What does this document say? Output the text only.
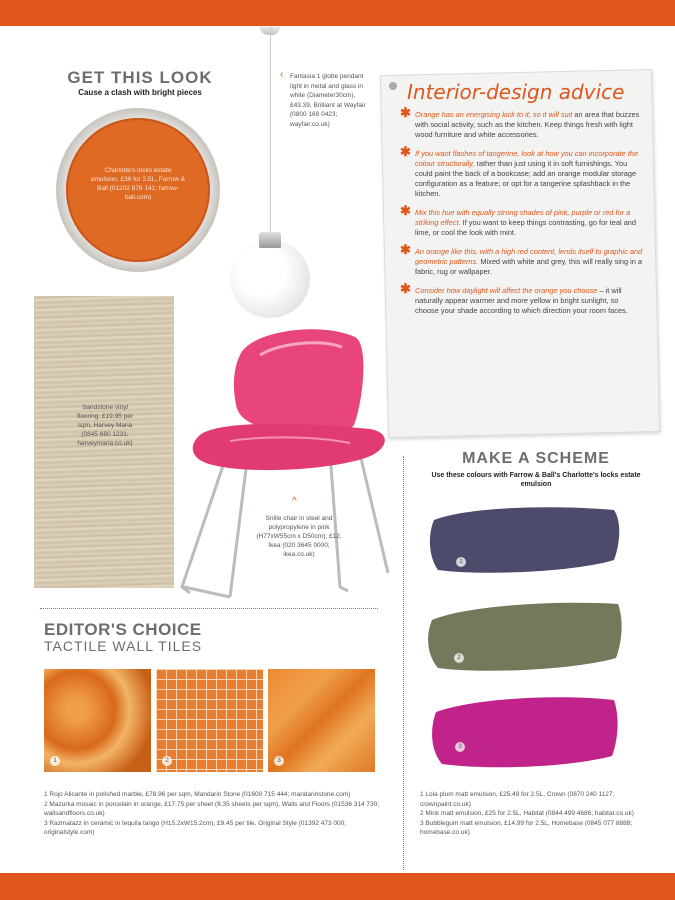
GET THIS LOOK
Cause a clash with bright pieces
Charlotte's locks estate emulsion, £36 for 2.5L, Farrow & Ball (01202 876 141; farrow-ball.com)
‹ Fantasia 1 globe pendant light in metal and glass in white (Diameter30cm), £43.39, Brilliant at Wayfair (0800 169 0423; wayfair.co.uk)
Interior-design advice
✱ Orange has an energising kick to it, so it will suit an area that buzzes with social activity, such as the kitchen. Keep things fresh with light wood furniture and white accessories.
✱ If you want flashes of tangerine, look at how you can incorporate the colour structurally, rather than just using it in soft furnishings. You could paint the back of a bookcase; add an orange modular storage configuration as a feature; or opt for a tangerine splashback in the kitchen.
✱ Mix this hue with equally strong shades of pink, purple or red for a striking effect. If you want to keep things contrasting, go for teal and lime, or cool the look with mint.
✱ An orange like this, with a high red content, lends itself to graphic and geometric patterns. Mixed with white and grey, this will really sing in a fabric, rug or wallpaper.
✱ Consider how daylight will affect the orange you choose – it will naturally appear warmer and more yellow in bright sunlight, so choose your shade according to which direction your room faces.
Sandstone vinyl flooring, £19.95 per sqm, Harvey Maria (0845 680 1231; harveymaria.co.uk)
^
Snille chair in steel and polypropylene in pink (H77xW55cm x D50cm), £12, Ikea (020 3645 0000; ikea.co.uk)
MAKE A SCHEME
Use these colours with Farrow & Ball's Charlotte's locks estate emulsion
1
2
3
1 Lola plum matt emulsion, £25.49 for 2.5L, Crown (0870 240 1127; crownpaint.co.uk)
2 Mink matt emulsion, £25 for 2.5L, Habitat (0844 499 4686; habitat.co.uk)
3 Bubblegum matt emulsion, £14.99 for 2.5L, Homebase (0845 077 8888; homebase.co.uk)
EDITOR'S CHOICE
TACTILE WALL TILES
1	2	3
1 Rojo Alicante in polished marble, £78.96 per sqm, Mandarin Stone (01600 715 444; mandarinstone.com)
2 Mazurka mosaic in porcelain in orange, £17.75 per sheet (8.35 sheets per sqm), Walls and Floors (01536 314 730; wallsandfloors.co.uk)
3 Razmatazz in ceramic in tequila tango (H15.2xW15.2cm), £9.45 per tile, Original Style (01392 473 000; originalstyle.com)
